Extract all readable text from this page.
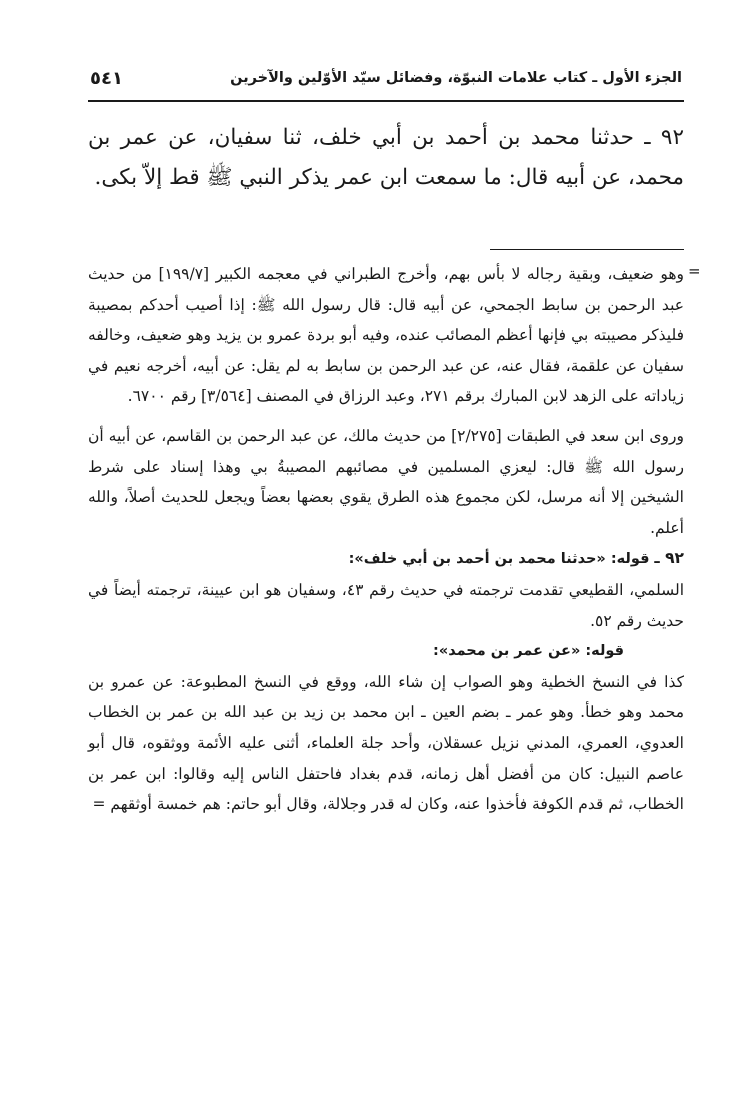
٥٤١	الجزء الأول ـ كتاب علامات النبوّة، وفضائل سيّد الأوّلين والآخرين
٩٢ ـ حدثنا محمد بن أحمد بن أبي خلف، ثنا سفيان، عن عمر بن محمد، عن أبيه قال: ما سمعت ابن عمر يذكر النبي ﷺ قط إلاّ بكى.
=

وهو ضعيف، وبقية رجاله لا بأس بهم، وأخرج الطبراني في معجمه الكبير [١٩٩/٧] من حديث عبد الرحمن بن سابط الجمحي، عن أبيه قال: قال رسول الله ﷺ: إذا أصيب أحدكم بمصيبة فليذكر مصيبته بي فإنها أعظم المصائب عنده، وفيه أبو بردة عمرو بن يزيد وهو ضعيف، وخالفه سفيان عن علقمة، فقال عنه، عن عبد الرحمن بن سابط به لم يقل: عن أبيه، أخرجه نعيم في زياداته على الزهد لابن المبارك برقم ٢٧١، وعبد الرزاق في المصنف [٣/٥٦٤] رقم ٦٧٠٠.

وروى ابن سعد في الطبقات [٢/٢٧٥] من حديث مالك، عن عبد الرحمن بن القاسم، عن أبيه أن رسول الله ﷺ قال: ليعزي المسلمين في مصائبهم المصيبةُ بي وهذا إسناد على شرط الشيخين إلا أنه مرسل، لكن مجموع هذه الطرق يقوي بعضها بعضاً ويجعل للحديث أصلاً، والله أعلم.

٩٢ ـ قوله: «حدثنا محمد بن أحمد بن أبي خلف»:

السلمي، القطيعي تقدمت ترجمته في حديث رقم ٤٣، وسفيان هو ابن عيينة، ترجمته أيضاً في حديث رقم ٥٢.

قوله: «عن عمر بن محمد»:

كذا في النسخ الخطية وهو الصواب إن شاء الله، ووقع في النسخ المطبوعة: عن عمرو بن محمد وهو خطأ. وهو عمر ـ بضم العين ـ ابن محمد بن زيد بن عبد الله بن عمر بن الخطاب العدوي، العمري، المدني نزيل عسقلان، وأحد جلة العلماء، أثنى عليه الأئمة ووثقوه، قال أبو عاصم النبيل: كان من أفضل أهل زمانه، قدم بغداد فاحتفل الناس إليه وقالوا: ابن عمر بن الخطاب، ثم قدم الكوفة فأخذوا عنه، وكان له قدر وجلالة، وقال أبو حاتم: هم خمسة أوثقهم =
